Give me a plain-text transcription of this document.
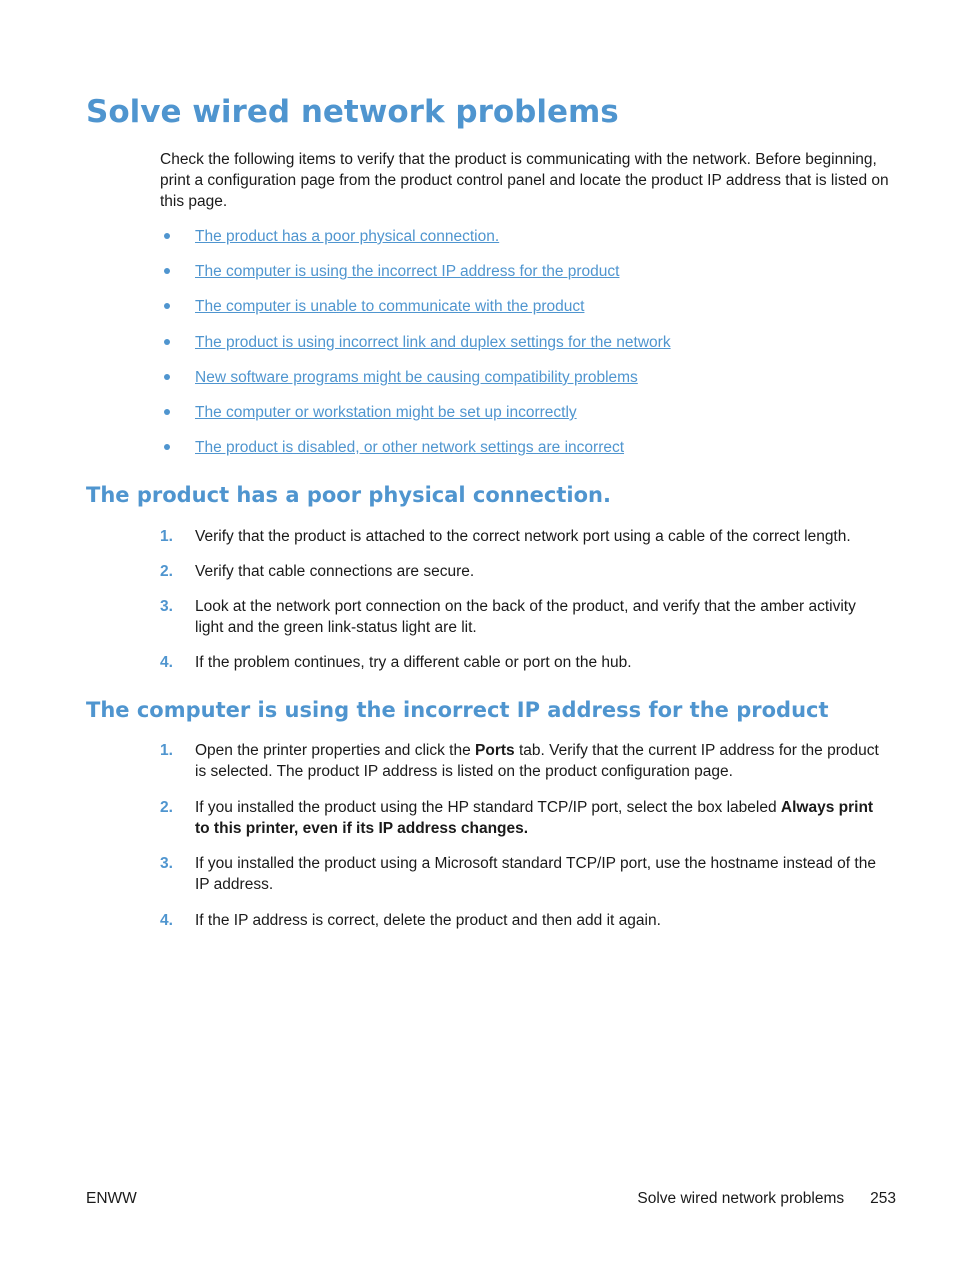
Solve wired network problems

Check the following items to verify that the product is communicating with the network. Before beginning, print a configuration page from the product control panel and locate the product IP address that is listed on this page.

The product has a poor physical connection.
The computer is using the incorrect IP address for the product
The computer is unable to communicate with the product
The product is using incorrect link and duplex settings for the network
New software programs might be causing compatibility problems
The computer or workstation might be set up incorrectly
The product is disabled, or other network settings are incorrect
The product has a poor physical connection.
1. Verify that the product is attached to the correct network port using a cable of the correct length.
2. Verify that cable connections are secure.
3. Look at the network port connection on the back of the product, and verify that the amber activity light and the green link-status light are lit.
4. If the problem continues, try a different cable or port on the hub.
The computer is using the incorrect IP address for the product
1. Open the printer properties and click the Ports tab. Verify that the current IP address for the product is selected. The product IP address is listed on the product configuration page.
2. If you installed the product using the HP standard TCP/IP port, select the box labeled Always print to this printer, even if its IP address changes.
3. If you installed the product using a Microsoft standard TCP/IP port, use the hostname instead of the IP address.
4. If the IP address is correct, delete the product and then add it again.
ENWW	Solve wired network problems 253
